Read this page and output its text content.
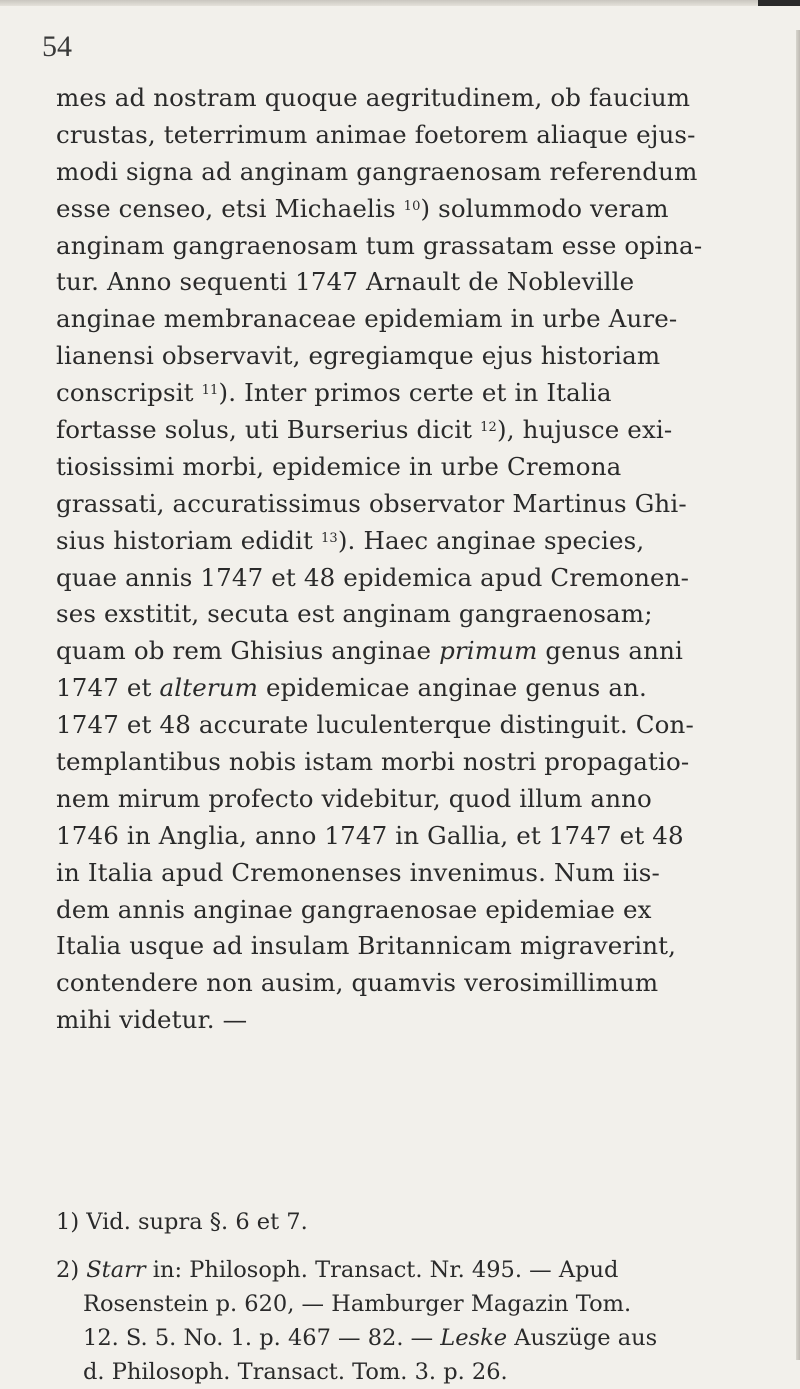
54
mes ad nostram quoque aegritudinem, ob faucium
crustas, teterrimum animae foetorem aliaque ejus-
modi signa ad anginam gangraenosam referendum
esse censeo, etsi Michaelis $^{10}$) solummodo veram
anginam gangraenosam tum grassatam esse opina-
tur. Anno sequenti 1747 Arnault de Nobleville
anginae membranaceae epidemiam in urbe Aure-
lianensi observavit, egregiamque ejus historiam
conscripsit $^{11}$). Inter primos certe et in Italia
fortasse solus, uti Burserius dicit $^{12}$), hujusce exi-
tiosissimi morbi, epidemice in urbe Cremona
grassati, accuratissimus observator Martinus Ghi-
sius historiam edidit $^{13}$). Haec anginae species,
quae annis 1747 et 48 epidemica apud Cremonen-
ses exstitit, secuta est anginam gangraenosam;
quam ob rem Ghisius anginae primum genus anni
1747 et alterum epidemicae anginae genus an.
1747 et 48 accurate luculenterque distinguit. Con-
templantibus nobis istam morbi nostri propagatio-
nem mirum profecto videbitur, quod illum anno
1746 in Anglia, anno 1747 in Gallia, et 1747 et 48
in Italia apud Cremonenses invenimus. Num iis-
dem annis anginae gangraenosae epidemiae ex
Italia usque ad insulam Britannicam migraverint,
contendere non ausim, quamvis verosimillimum
mihi videtur. —
1) Vid. supra §. 6 et 7.
2) Starr in: Philosoph. Transact. Nr. 495. — Apud
Rosenstein p. 620, — Hamburger Magazin Tom.
12. S. 5. No. 1. p. 467 — 82. — Leske Auszüge aus
d. Philosoph. Transact. Tom. 3. p. 26.
